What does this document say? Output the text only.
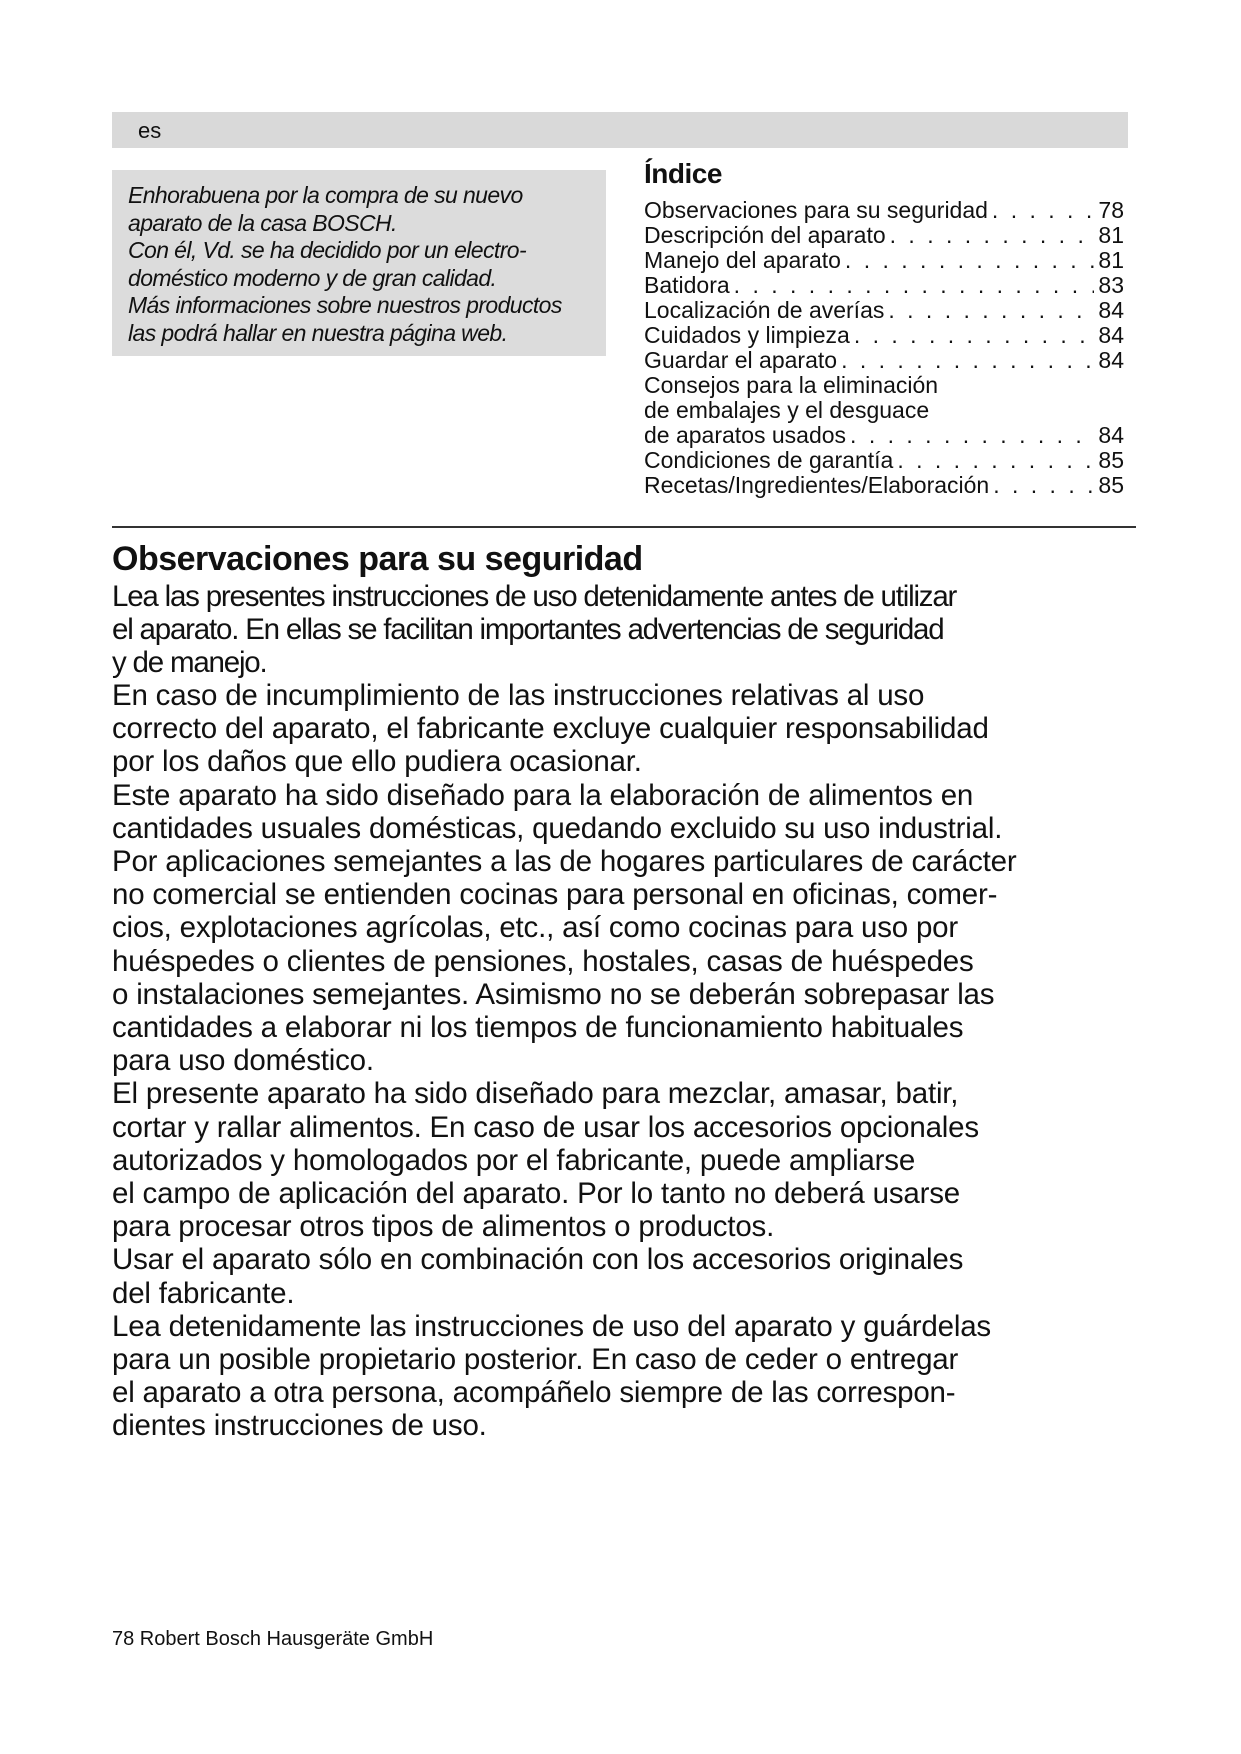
es

Enhorabuena por la compra de su nuevo

aparato de la casa BOSCH.

Con él, Vd. se ha decidido por un electro-

doméstico moderno y de gran calidad.

Más informaciones sobre nuestros productos

las podrá hallar en nuestra página web.

Índice
Observaciones para su seguridad . . .	78
Descripción del aparato . . .	81
Manejo del aparato . . .	81
Batidora . . .	83
Localización de averías . . .	84
Cuidados y limpieza . . .	84
Guardar el aparato . . .	84
Consejos para la eliminación
de embalajes y el desguace
de aparatos usados . . .	84
Condiciones de garantía . . .	85
Recetas/Ingredientes/Elaboración . . .	85
Observaciones para su seguridad

Lea las presentes instrucciones de uso detenidamente antes de utilizar

el aparato. En ellas se facilitan importantes advertencias de seguridad

y de manejo.

En caso de incumplimiento de las instrucciones relativas al uso

correcto del aparato, el fabricante excluye cualquier responsabilidad

por los daños que ello pudiera ocasionar.

Este aparato ha sido diseñado para la elaboración de alimentos en

cantidades usuales domésticas, quedando excluido su uso industrial.

Por aplicaciones semejantes a las de hogares particulares de carácter

no comercial se entienden cocinas para personal en oficinas, comer-

cios, explotaciones agrícolas, etc., así como cocinas para uso por

huéspedes o clientes de pensiones, hostales, casas de huéspedes

o instalaciones semejantes. Asimismo no se deberán sobrepasar las

cantidades a elaborar ni los tiempos de funcionamiento habituales

para uso doméstico.

El presente aparato ha sido diseñado para mezclar, amasar, batir,

cortar y rallar alimentos. En caso de usar los accesorios opcionales

autorizados y homologados por el fabricante, puede ampliarse

el campo de aplicación del aparato. Por lo tanto no deberá usarse

para procesar otros tipos de alimentos o productos.

Usar el aparato sólo en combinación con los accesorios originales

del fabricante.

Lea detenidamente las instrucciones de uso del aparato y guárdelas

para un posible propietario posterior. En caso de ceder o entregar

el aparato a otra persona, acompáñelo siempre de las correspon-

dientes instrucciones de uso.

78 Robert Bosch Hausgeräte GmbH
